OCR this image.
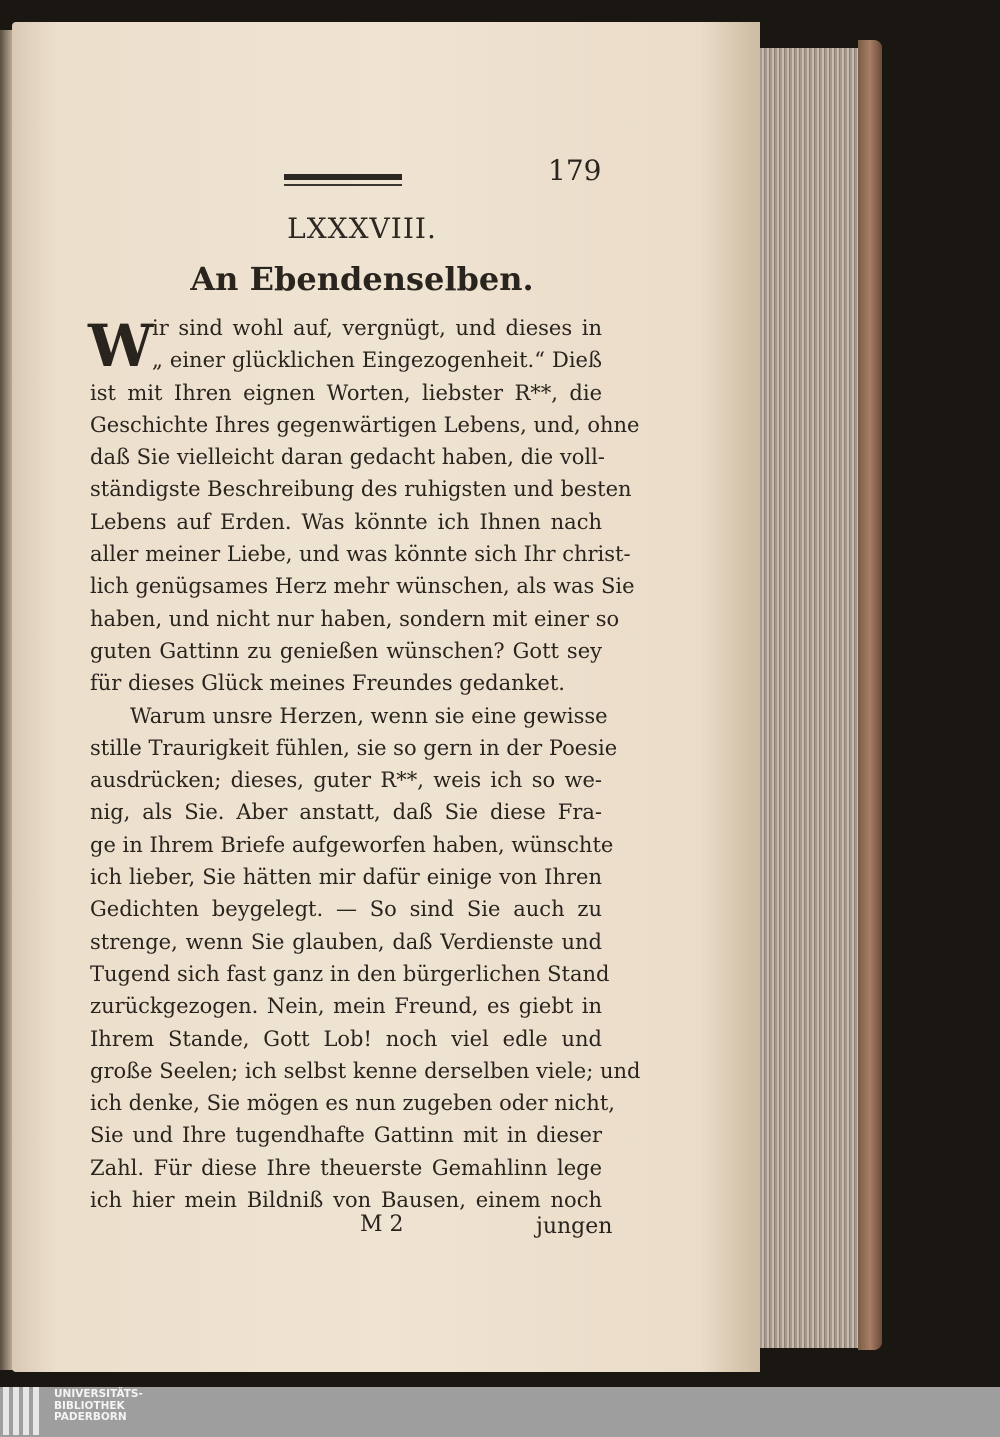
179
LXXXVIII.
An Ebendenselben.
W
ir sind wohl auf, vergnügt, und dieses in
„ einer glücklichen Eingezogenheit.“ Dieß
ist mit Ihren eignen Worten, liebster R**, die
Geschichte Ihres gegenwärtigen Lebens, und, ohne
daß Sie vielleicht daran gedacht haben, die voll-
ständigste Beschreibung des ruhigsten und besten
Lebens auf Erden. Was könnte ich Ihnen nach
aller meiner Liebe, und was könnte sich Ihr christ-
lich genügsames Herz mehr wünschen, als was Sie
haben, und nicht nur haben, sondern mit einer so
guten Gattinn zu genießen wünschen? Gott sey
für dieses Glück meines Freundes gedanket.
Warum unsre Herzen, wenn sie eine gewisse
stille Traurigkeit fühlen, sie so gern in der Poesie
ausdrücken; dieses, guter R**, weis ich so we-
nig, als Sie. Aber anstatt, daß Sie diese Fra-
ge in Ihrem Briefe aufgeworfen haben, wünschte
ich lieber, Sie hätten mir dafür einige von Ihren
Gedichten beygelegt. — So sind Sie auch zu
strenge, wenn Sie glauben, daß Verdienste und
Tugend sich fast ganz in den bürgerlichen Stand
zurückgezogen. Nein, mein Freund, es giebt in
Ihrem Stande, Gott Lob! noch viel edle und
große Seelen; ich selbst kenne derselben viele; und
ich denke, Sie mögen es nun zugeben oder nicht,
Sie und Ihre tugendhafte Gattinn mit in dieser
Zahl. Für diese Ihre theuerste Gemahlinn lege
ich hier mein Bildniß von Bausen, einem noch
M 2	jungen
UNIVERSITÄTS-
BIBLIOTHEK
PADERBORN
